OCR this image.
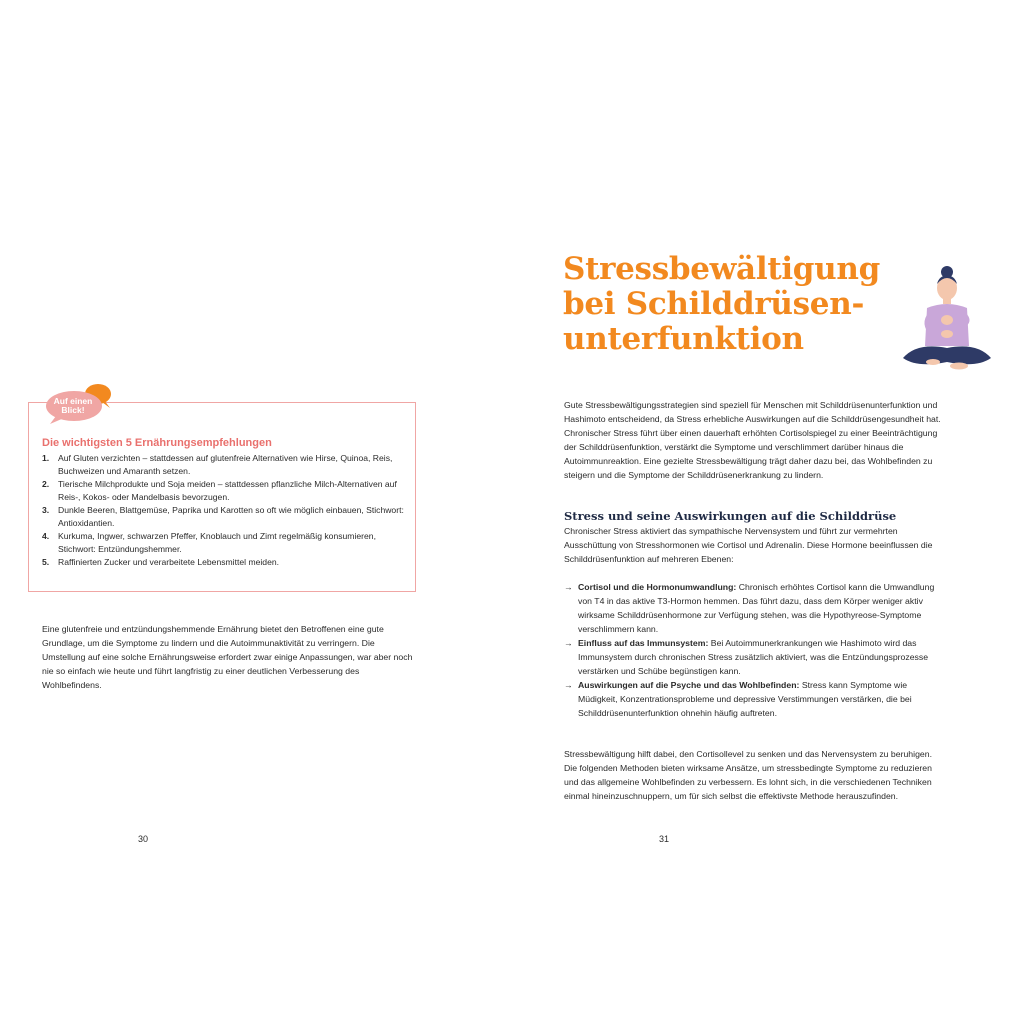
Auf einen
Blick!
Die wichtigsten 5 Ernährungsempfehlungen
1. Auf Gluten verzichten – stattdessen auf glutenfreie Alternativen wie Hirse, Quinoa, Reis, Buchweizen und Amaranth setzen.
2. Tierische Milchprodukte und Soja meiden – stattdessen pflanzliche Milch-Alternativen auf Reis-, Kokos- oder Mandelbasis bevorzugen.
3. Dunkle Beeren, Blattgemüse, Paprika und Karotten so oft wie möglich einbauen, Stichwort: Antioxidantien.
4. Kurkuma, Ingwer, schwarzen Pfeffer, Knoblauch und Zimt regelmäßig konsumieren, Stichwort: Entzündungshemmer.
5. Raffinierten Zucker und verarbeitete Lebensmittel meiden.

Eine glutenfreie und entzündungshemmende Ernährung bietet den Betroffenen eine gute Grundlage, um die Symptome zu lindern und die Autoimmunaktivität zu verringern. Die Umstellung auf eine solche Ernährungsweise erfordert zwar einige Anpassungen, war aber noch nie so einfach wie heute und führt langfristig zu einer deutlichen Verbesserung des Wohlbefindens.

30
Stressbewältigung
bei Schilddrüsen-
unterfunktion

Gute Stressbewältigungsstrategien sind speziell für Menschen mit Schilddrüsenunterfunktion und Hashimoto entscheidend, da Stress erhebliche Auswirkungen auf die Schilddrüsengesundheit hat. Chronischer Stress führt über einen dauerhaft erhöhten Cortisolspiegel zu einer Beeinträchtigung der Schilddrüsenfunktion, verstärkt die Symptome und verschlimmert darüber hinaus die Autoimmunreaktion. Eine gezielte Stressbewältigung trägt daher dazu bei, das Wohlbefinden zu steigern und die Symptome der Schilddrüsenerkrankung zu lindern.

Stress und seine Auswirkungen auf die Schilddrüse

Chronischer Stress aktiviert das sympathische Nervensystem und führt zur vermehrten Ausschüttung von Stresshormonen wie Cortisol und Adrenalin. Diese Hormone beeinflussen die Schilddrüsenfunktion auf mehreren Ebenen:

→ Cortisol und die Hormonumwandlung: Chronisch erhöhtes Cortisol kann die Umwandlung von T4 in das aktive T3-Hormon hemmen. Das führt dazu, dass dem Körper weniger aktiv wirksame Schilddrüsenhormone zur Verfügung stehen, was die Hypothyreose-Symptome verschlimmern kann.
→ Einfluss auf das Immunsystem: Bei Autoimmunerkrankungen wie Hashimoto wird das Immunsystem durch chronischen Stress zusätzlich aktiviert, was die Entzündungsprozesse verstärken und Schübe begünstigen kann.
→ Auswirkungen auf die Psyche und das Wohlbefinden: Stress kann Symptome wie Müdigkeit, Konzentrationsprobleme und depressive Verstimmungen verstärken, die bei Schilddrüsenunterfunktion ohnehin häufig auftreten.

Stressbewältigung hilft dabei, den Cortisollevel zu senken und das Nervensystem zu beruhigen. Die folgenden Methoden bieten wirksame Ansätze, um stressbedingte Symptome zu reduzieren und das allgemeine Wohlbefinden zu verbessern. Es lohnt sich, in die verschiedenen Techniken einmal hineinzuschnuppern, um für sich selbst die effektivste Methode herauszufinden.

31
